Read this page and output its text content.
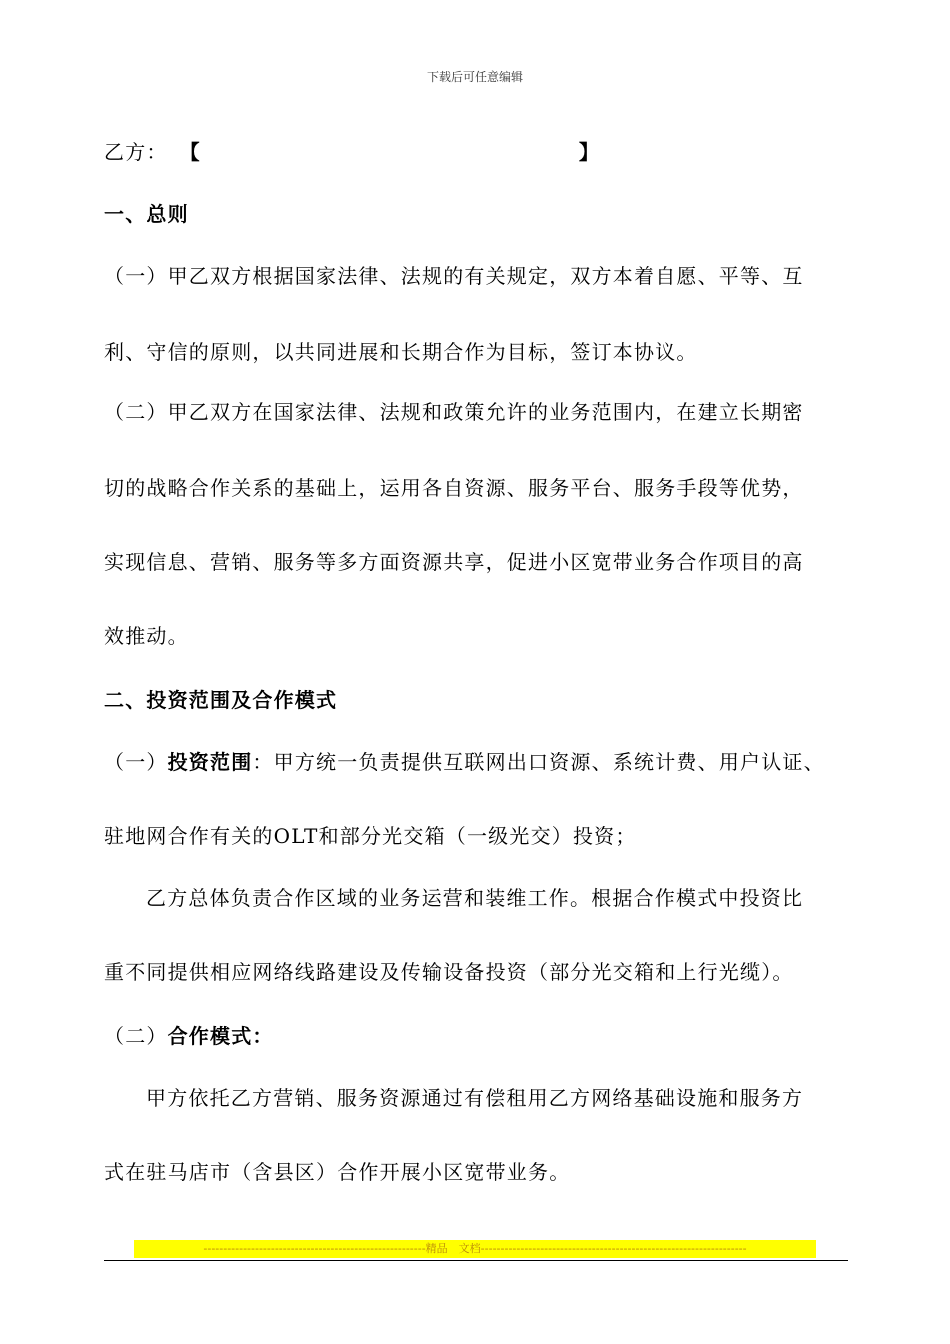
下载后可任意编辑
乙方： 【	】
一、总则
（一）甲乙双方根据国家法律、法规的有关规定，双方本着自愿、平等、互
利、守信的原则，以共同进展和长期合作为目标，签订本协议。
（二）甲乙双方在国家法律、法规和政策允许的业务范围内，在建立长期密
切的战略合作关系的基础上，运用各自资源、服务平台、服务手段等优势，
实现信息、营销、服务等多方面资源共享，促进小区宽带业务合作项目的高
效推动。
二、投资范围及合作模式
（一）投资范围：甲方统一负责提供互联网出口资源、系统计费、用户认证、
驻地网合作有关的OLT和部分光交箱（一级光交）投资；
乙方总体负责合作区域的业务运营和装维工作。根据合作模式中投资比
重不同提供相应网络线路建设及传输设备投资（部分光交箱和上行光缆）。
（二）合作模式：
甲方依托乙方营销、服务资源通过有偿租用乙方网络基础设施和服务方
式在驻马店市（含县区）合作开展小区宽带业务。
--------------------------------------------------------精品　文档-------------------------------------------------------------------
